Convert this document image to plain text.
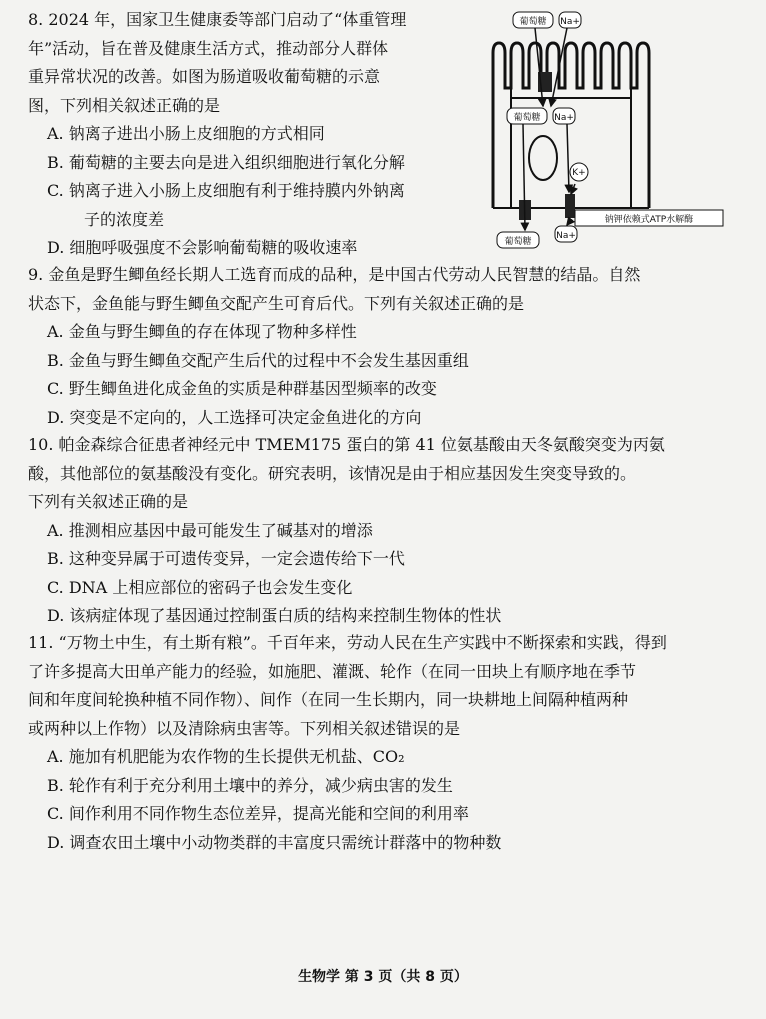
8. 2024 年，国家卫生健康委等部门启动了“体重管理
年”活动，旨在普及健康生活方式，推动部分人群体
重异常状况的改善。如图为肠道吸收葡萄糖的示意
图，下列相关叙述正确的是
A. 钠离子进出小肠上皮细胞的方式相同
B. 葡萄糖的主要去向是进入组织细胞进行氧化分解
C. 钠离子进入小肠上皮细胞有利于维持膜内外钠离
子的浓度差
D. 细胞呼吸强度不会影响葡萄糖的吸收速率
葡萄糖 Na+
葡萄糖 Na+
K+
钠钾依赖式ATP水解酶
葡萄糖
Na+
9. 金鱼是野生鲫鱼经长期人工选育而成的品种，是中国古代劳动人民智慧的结晶。自然
状态下，金鱼能与野生鲫鱼交配产生可育后代。下列有关叙述正确的是
A. 金鱼与野生鲫鱼的存在体现了物种多样性
B. 金鱼与野生鲫鱼交配产生后代的过程中不会发生基因重组
C. 野生鲫鱼进化成金鱼的实质是种群基因型频率的改变
D. 突变是不定向的，人工选择可决定金鱼进化的方向
10. 帕金森综合征患者神经元中 TMEM175 蛋白的第 41 位氨基酸由天冬氨酸突变为丙氨
酸，其他部位的氨基酸没有变化。研究表明，该情况是由于相应基因发生突变导致的。
下列有关叙述正确的是
A. 推测相应基因中最可能发生了碱基对的增添
B. 这种变异属于可遗传变异，一定会遗传给下一代
C. DNA 上相应部位的密码子也会发生变化
D. 该病症体现了基因通过控制蛋白质的结构来控制生物体的性状
11. “万物土中生，有土斯有粮”。千百年来，劳动人民在生产实践中不断探索和实践，得到
了许多提高大田单产能力的经验，如施肥、灌溉、轮作（在同一田块上有顺序地在季节
间和年度间轮换种植不同作物）、间作（在同一生长期内，同一块耕地上间隔种植两种
或两种以上作物）以及清除病虫害等。下列相关叙述错误的是
A. 施加有机肥能为农作物的生长提供无机盐、CO₂
B. 轮作有利于充分利用土壤中的养分，减少病虫害的发生
C. 间作利用不同作物生态位差异，提高光能和空间的利用率
D. 调查农田土壤中小动物类群的丰富度只需统计群落中的物种数
生物学 第 3 页（共 8 页）
